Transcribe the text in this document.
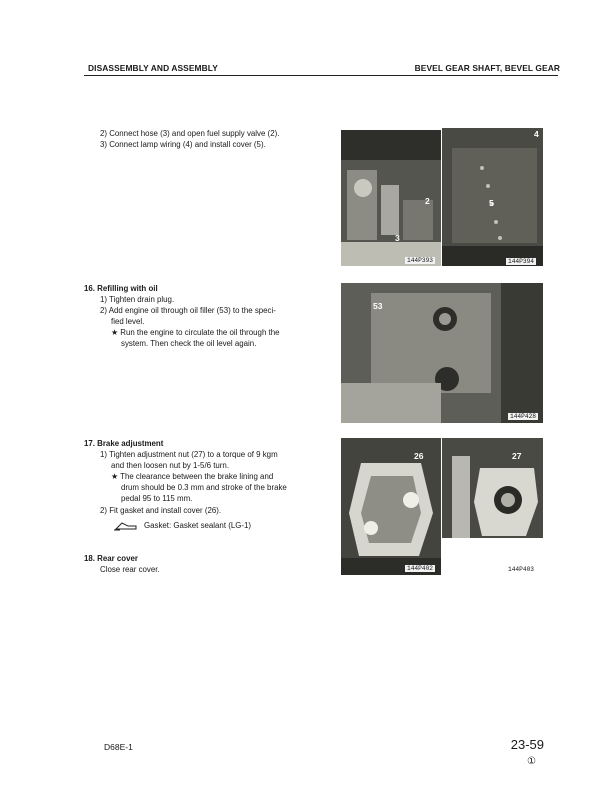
DISASSEMBLY AND ASSEMBLY	BEVEL GEAR SHAFT, BEVEL GEAR
2) Connect hose (3) and open fuel supply valve (2).
3) Connect lamp wiring (4) and install cover (5).
16. Refilling with oil
1) Tighten drain plug.
2) Add engine oil through oil filler (53) to the speci-
fied level.
★ Run the engine to circulate the oil through the
system. Then check the oil level again.
17. Brake adjustment
1) Tighten adjustment nut (27) to a torque of 9 kgm
and then loosen nut by 1-5/6 turn.
★ The clearance between the brake lining and
drum should be 0.3 mm and stroke of the brake
pedal 95 to 115 mm.
2) Fit gasket and install cover (26).
Gasket: Gasket sealant (LG-1)
18. Rear cover
Close rear cover.
2
3
144P393
4
5
144P394
53
144P428
26
144P402
27
144P403
D68E-1	23-59
①
